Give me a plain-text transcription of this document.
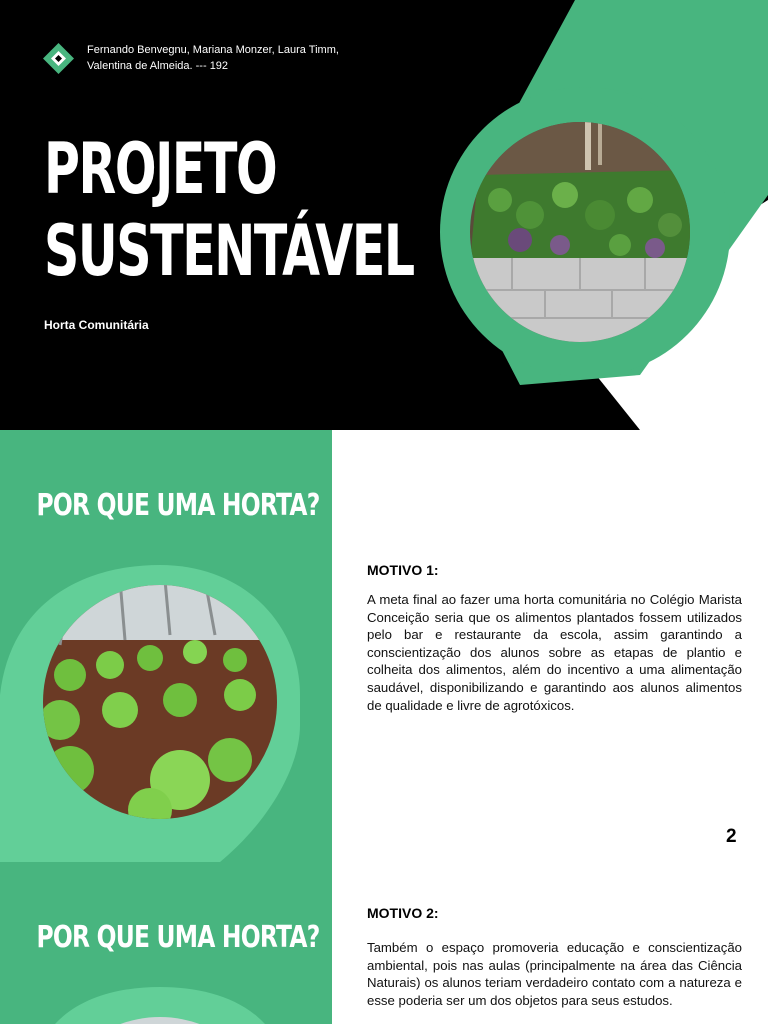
Fernando Benvegnu, Mariana Monzer, Laura Timm, Valentina de Almeida. --- 192
PROJETO
SUSTENTÁVEL
Horta Comunitária
POR QUE UMA HORTA?
MOTIVO 1:
A meta final ao fazer uma horta comunitária no Colégio Marista Conceição seria que os alimentos plantados fossem utilizados pelo bar e restaurante da escola, assim garantindo a conscientização dos alunos sobre as etapas de plantio e colheita dos alimentos, além do incentivo a uma alimentação saudável, disponibilizando e garantindo aos alunos alimentos de qualidade e livre de agrotóxicos.
2
POR QUE UMA HORTA?
MOTIVO 2:
Também o espaço promoveria educação e conscientização ambiental, pois nas aulas (principalmente na área das Ciência Naturais) os alunos teriam verdadeiro contato com a natureza e esse poderia ser um dos objetos para seus estudos.
